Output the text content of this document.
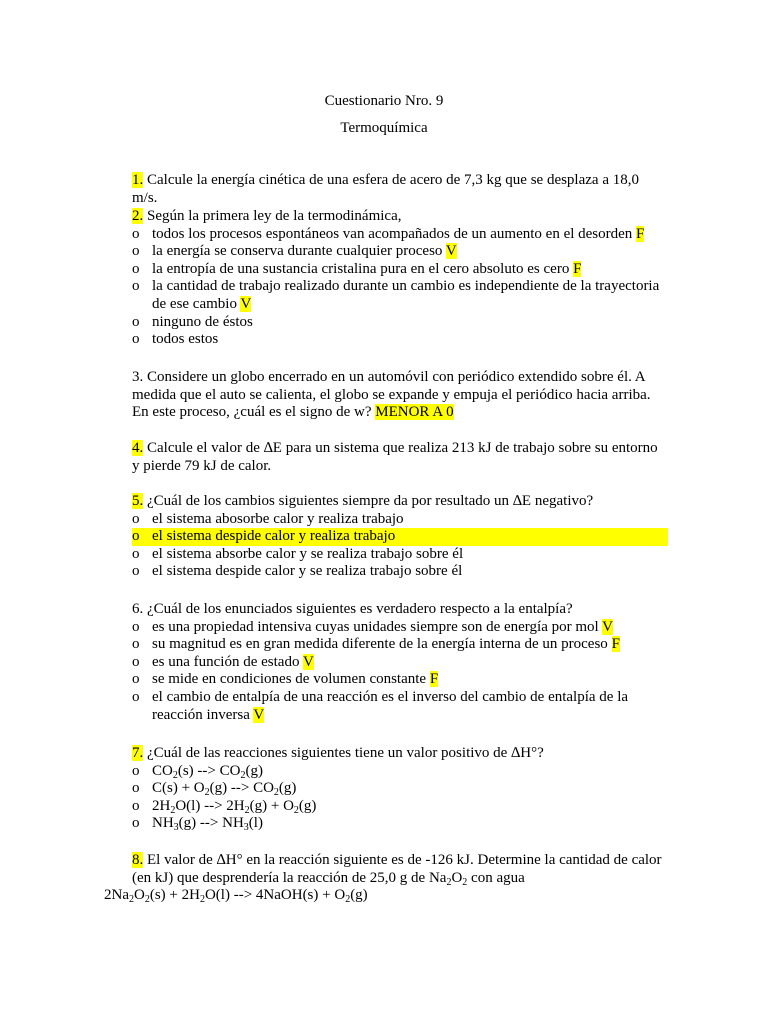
Cuestionario Nro. 9
Termoquímica
1. Calcule la energía cinética de una esfera de acero de 7,3 kg que se desplaza a 18,0 m/s.
2. Según la primera ley de la termodinámica,
o todos los procesos espontáneos van acompañados de un aumento en el desorden F
o la energía se conserva durante cualquier proceso V
o la entropía de una sustancia cristalina pura en el cero absoluto es cero F
o la cantidad de trabajo realizado durante un cambio es independiente de la trayectoria de ese cambio V
o ninguno de éstos
o todos estos
3. Considere un globo encerrado en un automóvil con periódico extendido sobre él. A medida que el auto se calienta, el globo se expande y empuja el periódico hacia arriba. En este proceso, ¿cuál es el signo de w? MENOR A 0
4. Calcule el valor de ∆E para un sistema que realiza 213 kJ de trabajo sobre su entorno y pierde 79 kJ de calor.
5. ¿Cuál de los cambios siguientes siempre da por resultado un ∆E negativo?
o el sistema abosorbe calor y realiza trabajo
o el sistema despide calor y realiza trabajo
o el sistema absorbe calor y se realiza trabajo sobre él
o el sistema despide calor y se realiza trabajo sobre él
6. ¿Cuál de los enunciados siguientes es verdadero respecto a la entalpía?
o es una propiedad intensiva cuyas unidades siempre son de energía por mol V
o su magnitud es en gran medida diferente de la energía interna de un proceso F
o es una función de estado V
o se mide en condiciones de volumen constante F
o el cambio de entalpía de una reacción es el inverso del cambio de entalpía de la reacción inversa V
7. ¿Cuál de las reacciones siguientes tiene un valor positivo de ∆H°?
o $CO_2(s)$ --> $CO_2(g)$
o $C(s) + O_2(g)$ --> $CO_2(g)$
o $2H_2O(l)$ --> $2H_2(g) + O_2(g)$
o $NH_3(g)$ --> $NH_3(l)$
8. El valor de ∆H° en la reacción siguiente es de -126 kJ. Determine la cantidad de calor (en kJ) que desprendería la reacción de 25,0 g de $Na_2O_2$ con agua
$2Na_2O_2(s) + 2H_2O(l)$ --> 4NaOH(s) + $O_2(g)$
